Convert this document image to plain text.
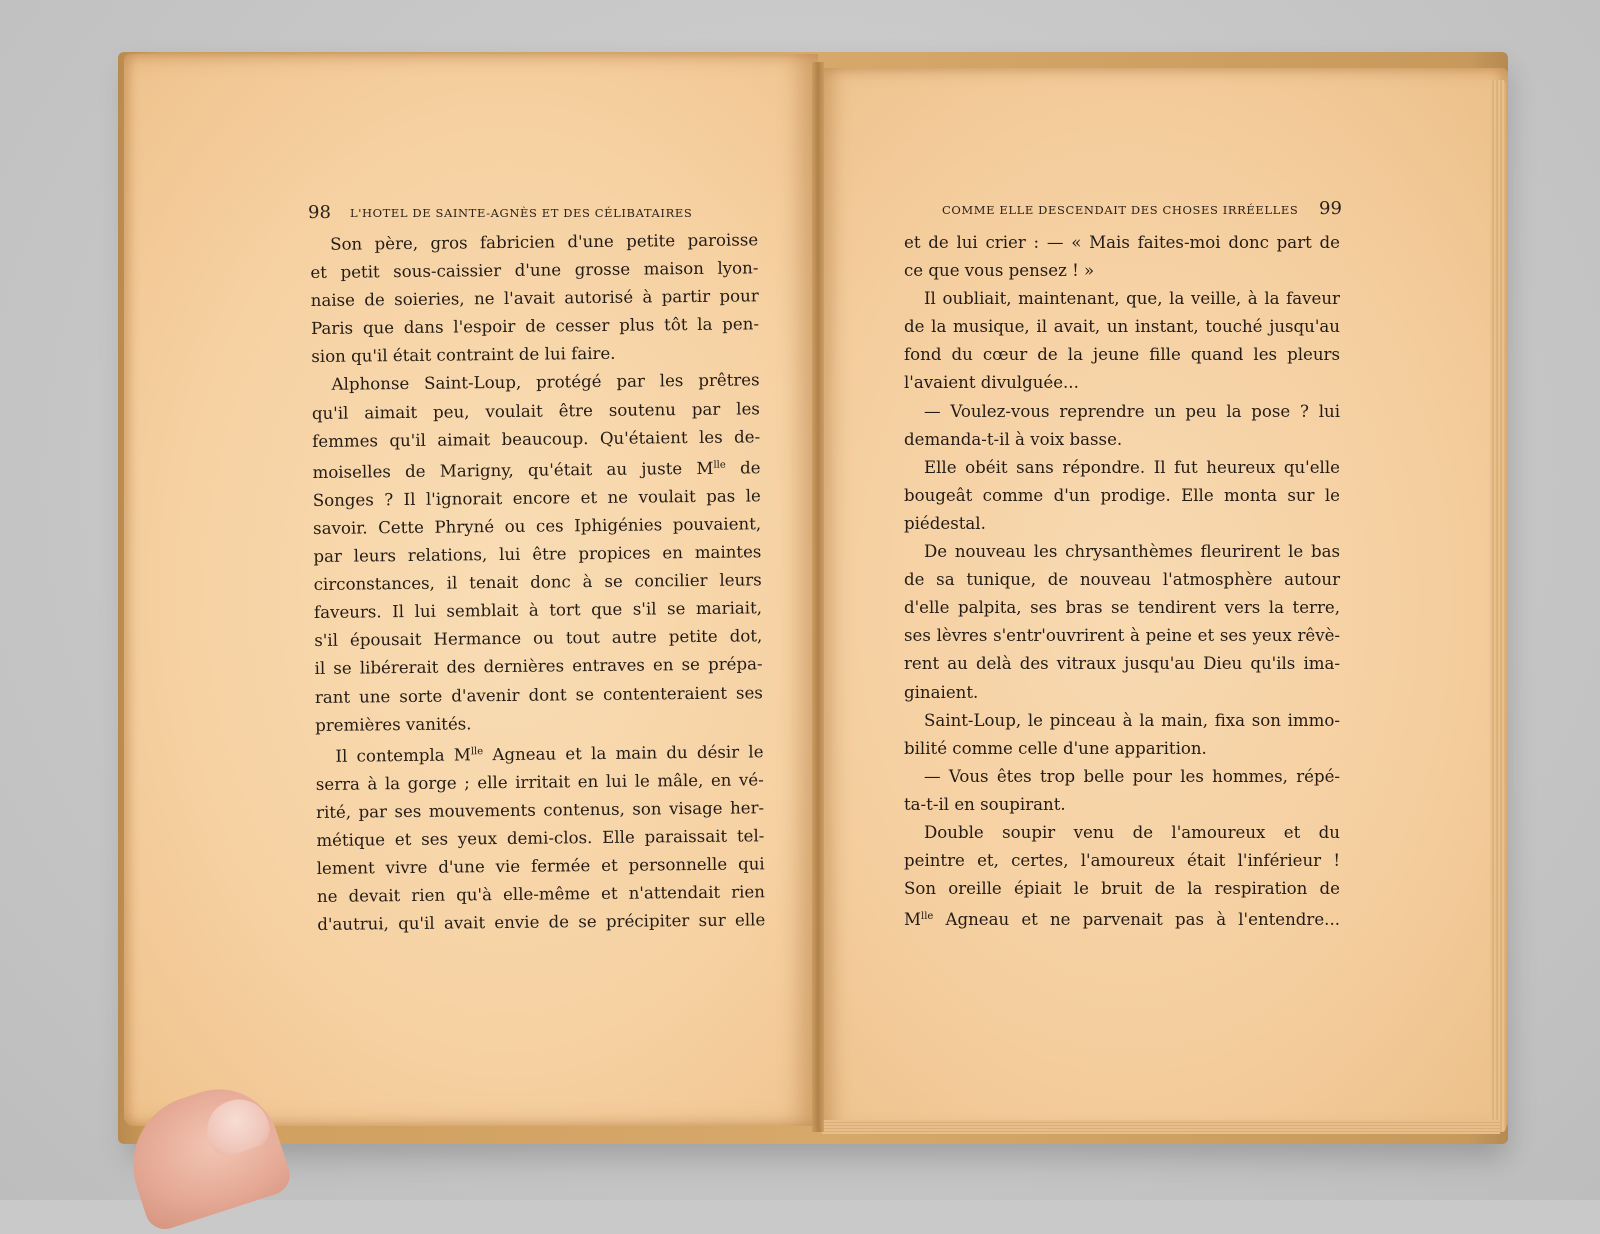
98 L'HOTEL DE SAINTE-AGNÈS ET DES CÉLIBATAIRES	COMME ELLE DESCENDAIT DES CHOSES IRRÉELLES 99
Son père, gros fabricien d'une petite paroisse
et petit sous-caissier d'une grosse maison lyon-
naise de soieries, ne l'avait autorisé à partir pour
Paris que dans l'espoir de cesser plus tôt la pen-
sion qu'il était contraint de lui faire.
Alphonse Saint-Loup, protégé par les prêtres
qu'il aimait peu, voulait être soutenu par les
femmes qu'il aimait beaucoup. Qu'étaient les de-
moiselles de Marigny, qu'était au juste $M^{lle}$ de
Songes ? Il l'ignorait encore et ne voulait pas le
savoir. Cette Phryné ou ces Iphigénies pouvaient,
par leurs relations, lui être propices en maintes
circonstances, il tenait donc à se concilier leurs
faveurs. Il lui semblait à tort que s'il se mariait,
s'il épousait Hermance ou tout autre petite dot,
il se libérerait des dernières entraves en se prépa-
rant une sorte d'avenir dont se contenteraient ses
premières vanités.
Il contempla $M^{lle}$ Agneau et la main du désir le
serra à la gorge ; elle irritait en lui le mâle, en vé-
rité, par ses mouvements contenus, son visage her-
métique et ses yeux demi-clos. Elle paraissait tel-
lement vivre d'une vie fermée et personnelle qui
ne devait rien qu'à elle-même et n'attendait rien
d'autrui, qu'il avait envie de se précipiter sur elle
et de lui crier : — « Mais faites-moi donc part de
ce que vous pensez ! »
Il oubliait, maintenant, que, la veille, à la faveur
de la musique, il avait, un instant, touché jusqu'au
fond du cœur de la jeune fille quand les pleurs
l'avaient divulguée...
— Voulez-vous reprendre un peu la pose ? lui
demanda-t-il à voix basse.
Elle obéit sans répondre. Il fut heureux qu'elle
bougeât comme d'un prodige. Elle monta sur le
piédestal.
De nouveau les chrysanthèmes fleurirent le bas
de sa tunique, de nouveau l'atmosphère autour
d'elle palpita, ses bras se tendirent vers la terre,
ses lèvres s'entr'ouvrirent à peine et ses yeux rêvè-
rent au delà des vitraux jusqu'au Dieu qu'ils ima-
ginaient.
Saint-Loup, le pinceau à la main, fixa son immo-
bilité comme celle d'une apparition.
— Vous êtes trop belle pour les hommes, répé-
ta-t-il en soupirant.
Double soupir venu de l'amoureux et du
peintre et, certes, l'amoureux était l'inférieur !
Son oreille épiait le bruit de la respiration de
$M^{lle}$ Agneau et ne parvenait pas à l'entendre...
